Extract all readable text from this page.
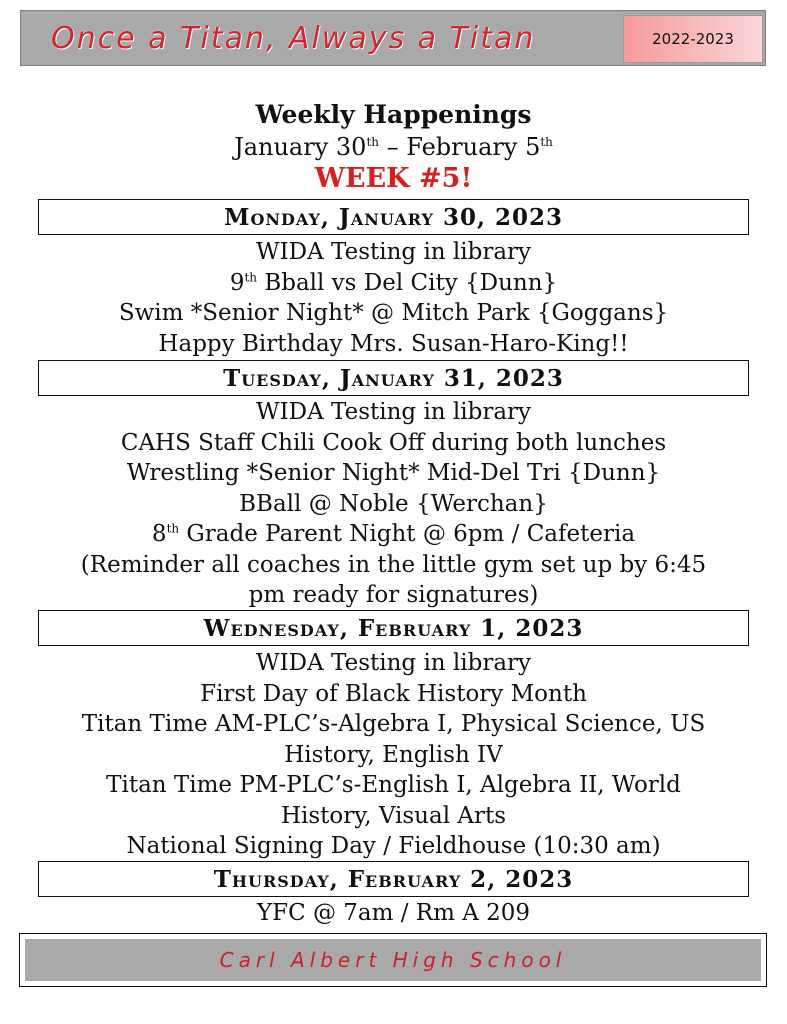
Once a Titan, Always a Titan	2022-2023
Weekly Happenings
January 30th – February 5th
WEEK #5!
Monday, January 30, 2023
WIDA Testing in library
9th Bball vs Del City {Dunn}
Swim *Senior Night* @ Mitch Park {Goggans}
Happy Birthday Mrs. Susan-Haro-King!!
Tuesday, January 31, 2023
WIDA Testing in library
CAHS Staff Chili Cook Off during both lunches
Wrestling *Senior Night* Mid-Del Tri {Dunn}
BBall @ Noble {Werchan}
8th Grade Parent Night @ 6pm / Cafeteria
(Reminder all coaches in the little gym set up by 6:45
pm ready for signatures)
Wednesday, February 1, 2023
WIDA Testing in library
First Day of Black History Month
Titan Time AM-PLC’s-Algebra I, Physical Science, US
History, English IV
Titan Time PM-PLC’s-English I, Algebra II, World
History, Visual Arts
National Signing Day / Fieldhouse (10:30 am)
Thursday, February 2, 2023
YFC @ 7am / Rm A 209
Carl Albert High School
